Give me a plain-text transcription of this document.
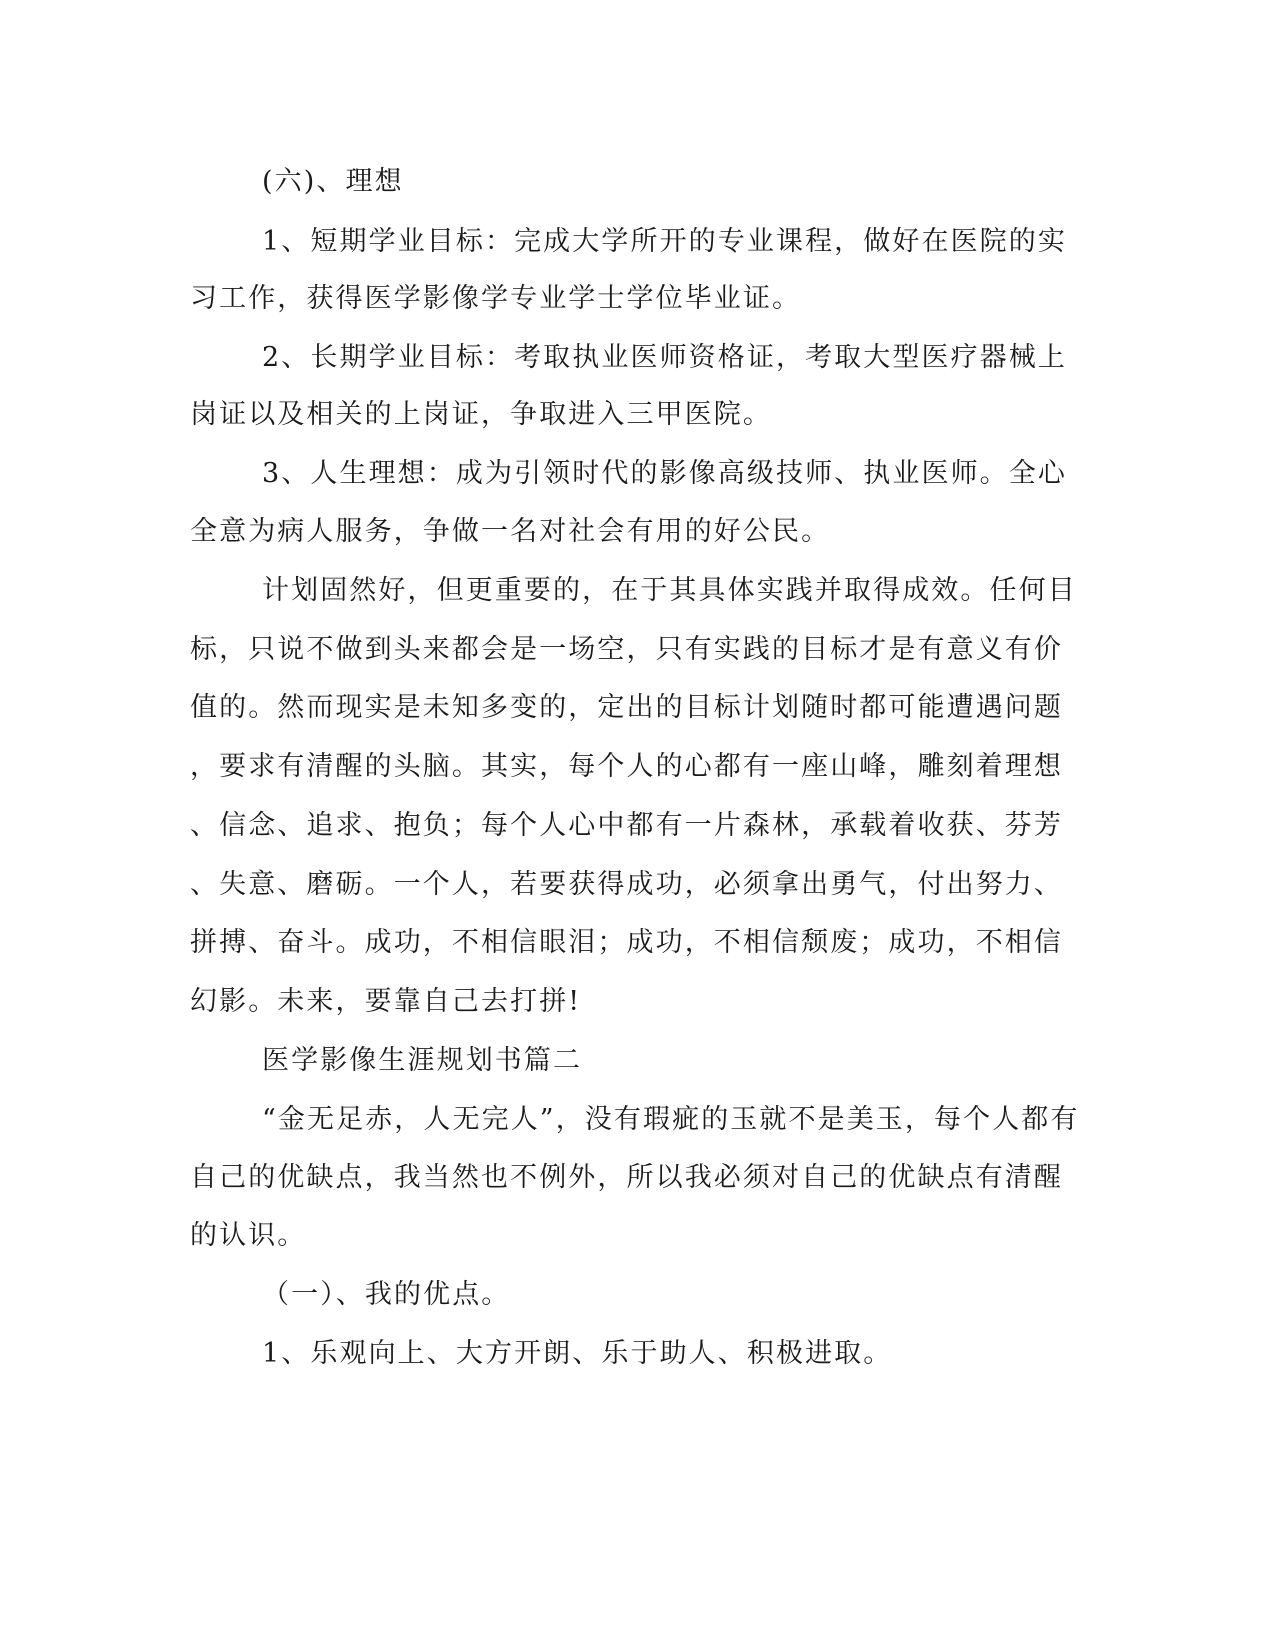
(六)、理想
1、短期学业目标：完成大学所开的专业课程，做好在医院的实
习工作，获得医学影像学专业学士学位毕业证。
2、长期学业目标：考取执业医师资格证，考取大型医疗器械上
岗证以及相关的上岗证，争取进入三甲医院。
3、人生理想：成为引领时代的影像高级技师、执业医师。全心
全意为病人服务，争做一名对社会有用的好公民。
计划固然好，但更重要的，在于其具体实践并取得成效。任何目
标，只说不做到头来都会是一场空，只有实践的目标才是有意义有价
值的。然而现实是未知多变的，定出的目标计划随时都可能遭遇问题
，要求有清醒的头脑。其实，每个人的心都有一座山峰，雕刻着理想
、信念、追求、抱负；每个人心中都有一片森林，承载着收获、芬芳
、失意、磨砺。一个人，若要获得成功，必须拿出勇气，付出努力、
拼搏、奋斗。成功，不相信眼泪；成功，不相信颓废；成功，不相信
幻影。未来，要靠自己去打拼!
医学影像生涯规划书篇二
“金无足赤，人无完人”，没有瑕疵的玉就不是美玉，每个人都有
自己的优缺点，我当然也不例外，所以我必须对自己的优缺点有清醒
的认识。
（一）、我的优点。
1、乐观向上、大方开朗、乐于助人、积极进取。
